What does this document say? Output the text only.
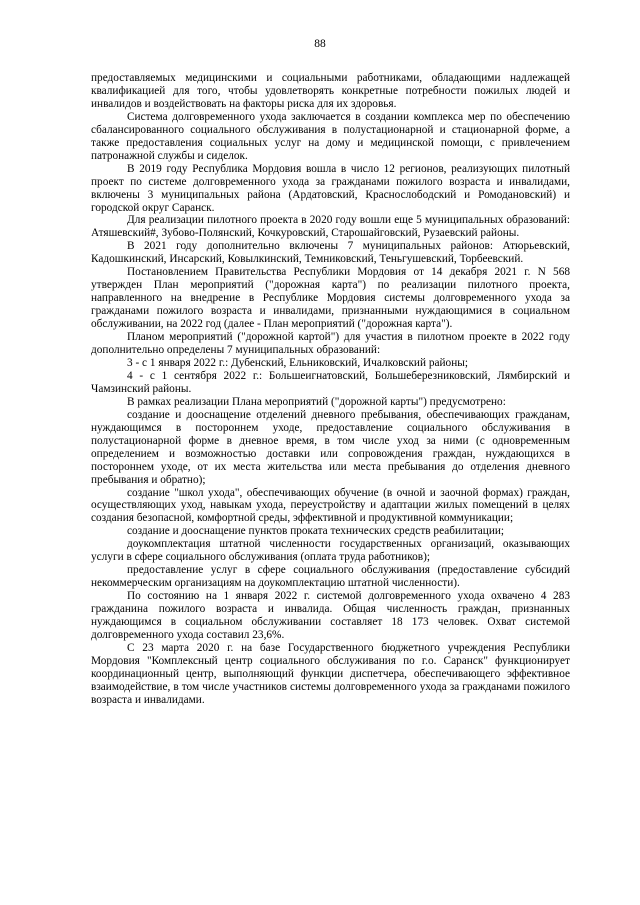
88

предоставляемых медицинскими и социальными работниками, обладающими надлежащей квалификацией для того, чтобы удовлетворять конкретные потребности пожилых людей и инвалидов и воздействовать на факторы риска для их здоровья.

Система долговременного ухода заключается в создании комплекса мер по обеспечению сбалансированного социального обслуживания в полустационарной и стационарной форме, а также предоставления социальных услуг на дому и медицинской помощи, с привлечением патронажной службы и сиделок.

В 2019 году Республика Мордовия вошла в число 12 регионов, реализующих пилотный проект по системе долговременного ухода за гражданами пожилого возраста и инвалидами, включены 3 муниципальных района (Ардатовский, Краснослободский и Ромодановский) и городской округ Саранск.

Для реализации пилотного проекта в 2020 году вошли еще 5 муниципальных образований: Атяшевский#, Зубово-Полянский, Кочкуровский, Старошайговский, Рузаевский районы.

В 2021 году дополнительно включены 7 муниципальных районов: Атюрьевский, Кадошкинский, Инсарский, Ковылкинский, Темниковский, Теньгушевский, Торбеевский.

Постановлением Правительства Республики Мордовия от 14 декабря 2021 г. N 568 утвержден План мероприятий ("дорожная карта") по реализации пилотного проекта, направленного на внедрение в Республике Мордовия системы долговременного ухода за гражданами пожилого возраста и инвалидами, признанными нуждающимися в социальном обслуживании, на 2022 год (далее - План мероприятий ("дорожная карта").

Планом мероприятий ("дорожной картой") для участия в пилотном проекте в 2022 году дополнительно определены 7 муниципальных образований:

3 - с 1 января 2022 г.: Дубенский, Ельниковский, Ичалковский районы;

4 - с 1 сентября 2022 г.: Большеигнатовский, Большеберезниковский, Лямбирский и Чамзинский районы.

В рамках реализации Плана мероприятий ("дорожной карты") предусмотрено:

создание и дооснащение отделений дневного пребывания, обеспечивающих гражданам, нуждающимся в постороннем уходе, предоставление социального обслуживания в полустационарной форме в дневное время, в том числе уход за ними (с одновременным определением и возможностью доставки или сопровождения граждан, нуждающихся в постороннем уходе, от их места жительства или места пребывания до отделения дневного пребывания и обратно);

создание "школ ухода", обеспечивающих обучение (в очной и заочной формах) граждан, осуществляющих уход, навыкам ухода, переустройству и адаптации жилых помещений в целях создания безопасной, комфортной среды, эффективной и продуктивной коммуникации;

создание и дооснащение пунктов проката технических средств реабилитации;

доукомплектация штатной численности государственных организаций, оказывающих услуги в сфере социального обслуживания (оплата труда работников);

предоставление услуг в сфере социального обслуживания (предоставление субсидий некоммерческим организациям на доукомплектацию штатной численности).

По состоянию на 1 января 2022 г. системой долговременного ухода охвачено 4 283 гражданина пожилого возраста и инвалида. Общая численность граждан, признанных нуждающимся в социальном обслуживании составляет 18 173 человек. Охват системой долговременного ухода составил 23,6%.

С 23 марта 2020 г. на базе Государственного бюджетного учреждения Республики Мордовия "Комплексный центр социального обслуживания по г.о. Саранск" функционирует координационный центр, выполняющий функции диспетчера, обеспечивающего эффективное взаимодействие, в том числе участников системы долговременного ухода за гражданами пожилого возраста и инвалидами.
